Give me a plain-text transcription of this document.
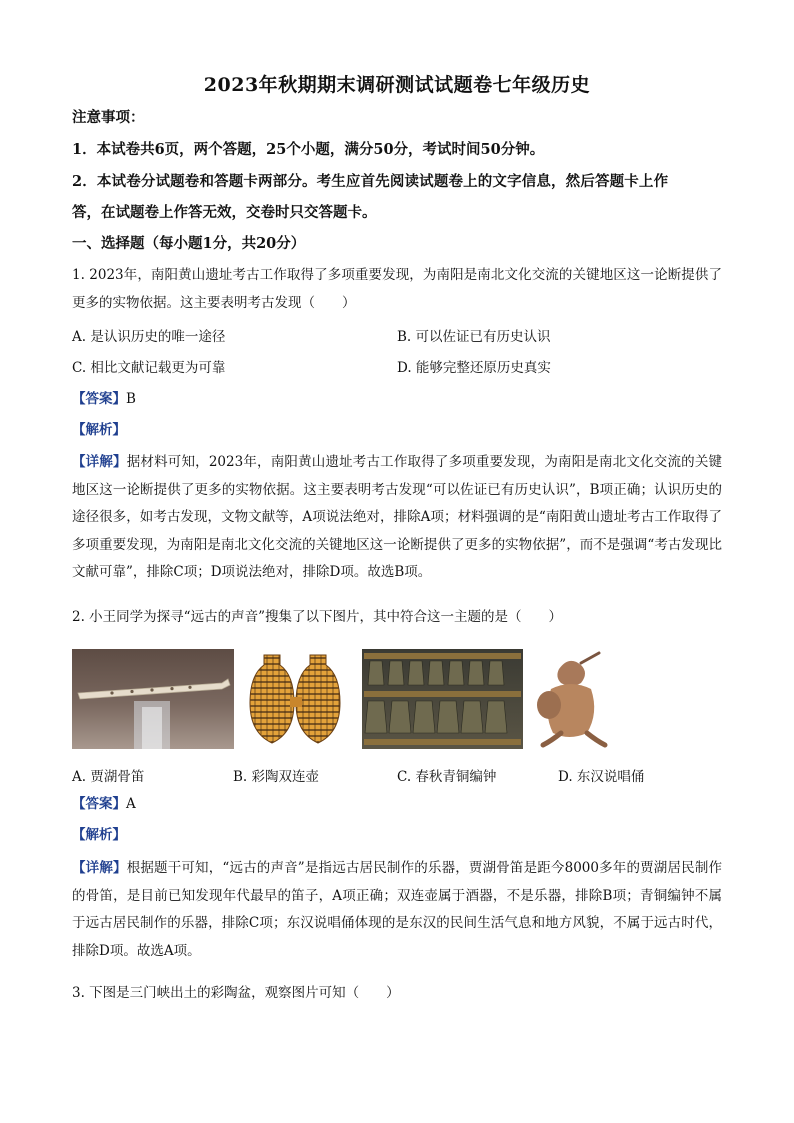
2023年秋期期末调研测试试题卷七年级历史
注意事项：
1．本试卷共6页，两个答题，25个小题，满分50分，考试时间50分钟。
2．本试卷分试题卷和答题卡两部分。考生应首先阅读试题卷上的文字信息，然后答题卡上作
答，在试题卷上作答无效，交卷时只交答题卡。
一、选择题（每小题1分，共20分）
1. 2023年，南阳黄山遗址考古工作取得了多项重要发现，为南阳是南北文化交流的关键地区这一论断提供了更多的实物依据。这主要表明考古发现（　　）
A. 是认识历史的唯一途径	B. 可以佐证已有历史认识
C. 相比文献记载更为可靠	D. 能够完整还原历史真实
【答案】B
【解析】
【详解】据材料可知，2023年，南阳黄山遗址考古工作取得了多项重要发现，为南阳是南北文化交流的关键地区这一论断提供了更多的实物依据。这主要表明考古发现“可以佐证已有历史认识”，B项正确；认识历史的途径很多，如考古发现，文物文献等，A项说法绝对，排除A项；材料强调的是“南阳黄山遗址考古工作取得了多项重要发现，为南阳是南北文化交流的关键地区这一论断提供了更多的实物依据”，而不是强调“考古发现比文献可靠”，排除C项；D项说法绝对，排除D项。故选B项。
2. 小王同学为探寻“远古的声音”搜集了以下图片，其中符合这一主题的是（　　）
A. 贾湖骨笛	B. 彩陶双连壶	C. 春秋青铜编钟	D. 东汉说唱俑
【答案】A
【解析】
【详解】根据题干可知，“远古的声音”是指远古居民制作的乐器，贾湖骨笛是距今8000多年的贾湖居民制作的骨笛，是目前已知发现年代最早的笛子，A项正确；双连壶属于酒器，不是乐器，排除B项；青铜编钟不属于远古居民制作的乐器，排除C项；东汉说唱俑体现的是东汉的民间生活气息和地方风貌，不属于远古时代，排除D项。故选A项。
3. 下图是三门峡出土的彩陶盆，观察图片可知（　　）
